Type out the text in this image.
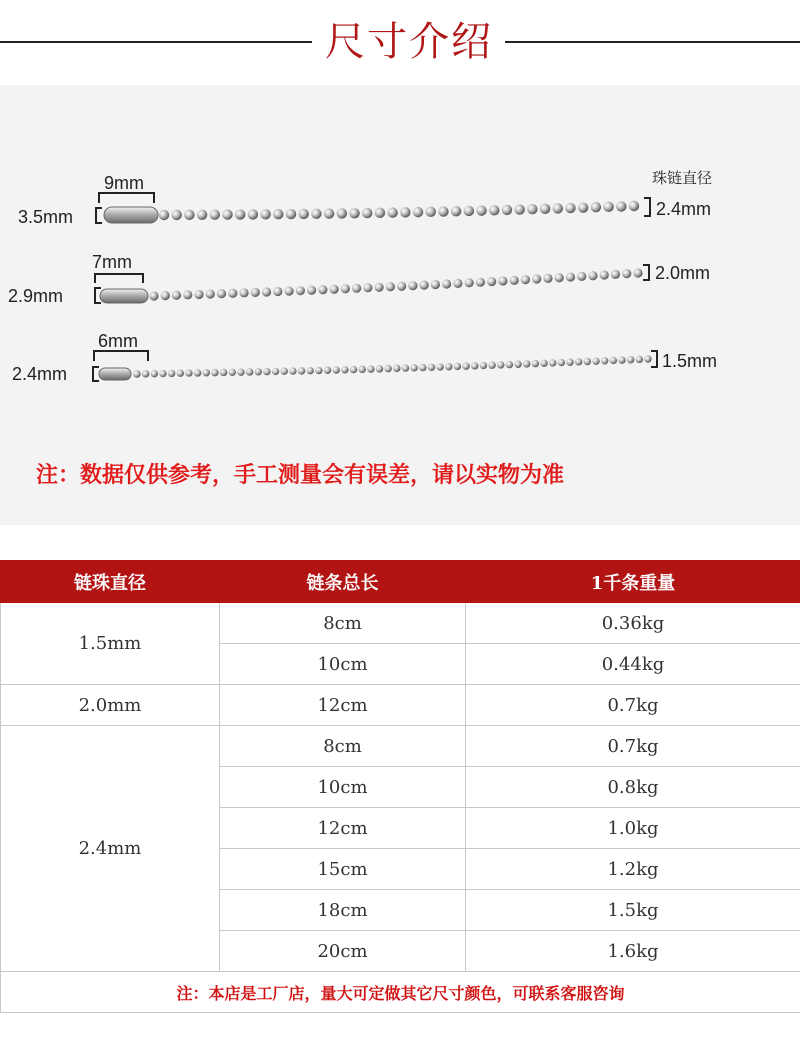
尺寸介绍
9mm
3.5mm
珠链直径
2.4mm
7mm
2.9mm
2.0mm
6mm
2.4mm
1.5mm
注：数据仅供参考，手工测量会有误差，请以实物为准
链珠直径	链条总长	1千条重量
1.5mm	8cm	0.36kg
	10cm	0.44kg
2.0mm	12cm	0.7kg
2.4mm	8cm	0.7kg
	10cm	0.8kg
	12cm	1.0kg
	15cm	1.2kg
	18cm	1.5kg
	20cm	1.6kg
注：本店是工厂店，量大可定做其它尺寸颜色，可联系客服咨询		
